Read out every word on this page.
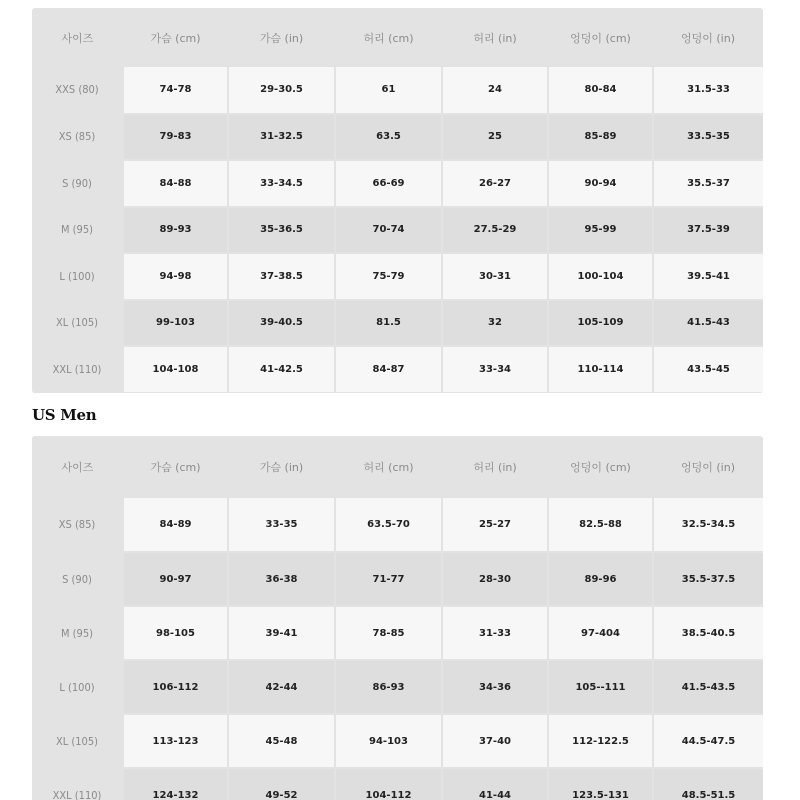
사이즈	가슴 (cm)	가슴 (in)	허리 (cm)	허리 (in)	엉덩이 (cm)	엉덩이 (in)
XXS (80)	74-78	29-30.5	61	24	80-84	31.5-33
XS (85)	79-83	31-32.5	63.5	25	85-89	33.5-35
S (90)	84-88	33-34.5	66-69	26-27	90-94	35.5-37
M (95)	89-93	35-36.5	70-74	27.5-29	95-99	37.5-39
L (100)	94-98	37-38.5	75-79	30-31	100-104	39.5-41
XL (105)	99-103	39-40.5	81.5	32	105-109	41.5-43
XXL (110)	104-108	41-42.5	84-87	33-34	110-114	43.5-45
US Men
사이즈	가슴 (cm)	가슴 (in)	허리 (cm)	허리 (in)	엉덩이 (cm)	엉덩이 (in)
XS (85)	84-89	33-35	63.5-70	25-27	82.5-88	32.5-34.5
S (90)	90-97	36-38	71-77	28-30	89-96	35.5-37.5
M (95)	98-105	39-41	78-85	31-33	97-404	38.5-40.5
L (100)	106-112	42-44	86-93	34-36	105--111	41.5-43.5
XL (105)	113-123	45-48	94-103	37-40	112-122.5	44.5-47.5
XXL (110)	124-132	49-52	104-112	41-44	123.5-131	48.5-51.5
